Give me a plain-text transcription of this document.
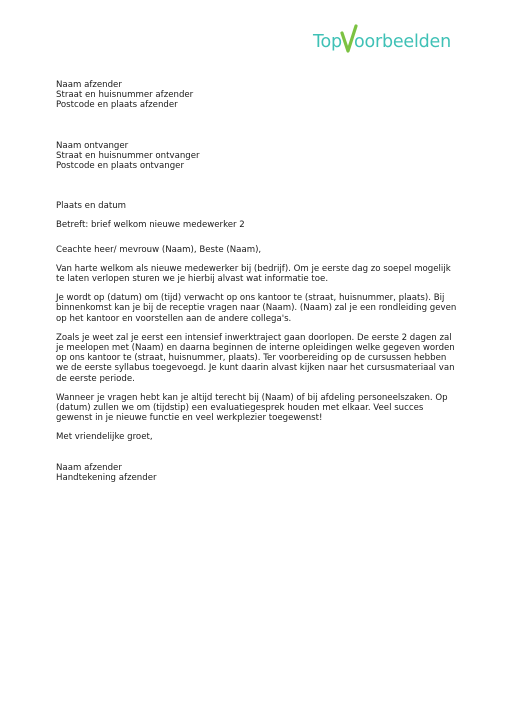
Top oorbeelden
Naam afzender
Straat en huisnummer afzender
Postcode en plaats afzender
Naam ontvanger
Straat en huisnummer ontvanger
Postcode en plaats ontvanger
Plaats en datum
Betreft: brief welkom nieuwe medewerker 2
Ceachte heer/ mevrouw (Naam), Beste (Naam),
Van harte welkom als nieuwe medewerker bij (bedrijf). Om je eerste dag zo soepel mogelijk
te laten verlopen sturen we je hierbij alvast wat informatie toe.
Je wordt op (datum) om (tijd) verwacht op ons kantoor te (straat, huisnummer, plaats). Bij
binnenkomst kan je bij de receptie vragen naar (Naam). (Naam) zal je een rondleiding geven
op het kantoor en voorstellen aan de andere collega's.
Zoals je weet zal je eerst een intensief inwerktraject gaan doorlopen. De eerste 2 dagen zal
je meelopen met (Naam) en daarna beginnen de interne opleidingen welke gegeven worden
op ons kantoor te (straat, huisnummer, plaats). Ter voorbereiding op de cursussen hebben
we de eerste syllabus toegevoegd. Je kunt daarin alvast kijken naar het cursusmateriaal van
de eerste periode.
Wanneer je vragen hebt kan je altijd terecht bij (Naam) of bij afdeling personeelszaken. Op
(datum) zullen we om (tijdstip) een evaluatiegesprek houden met elkaar. Veel succes
gewenst in je nieuwe functie en veel werkplezier toegewenst!
Met vriendelijke groet,
Naam afzender
Handtekening afzender
